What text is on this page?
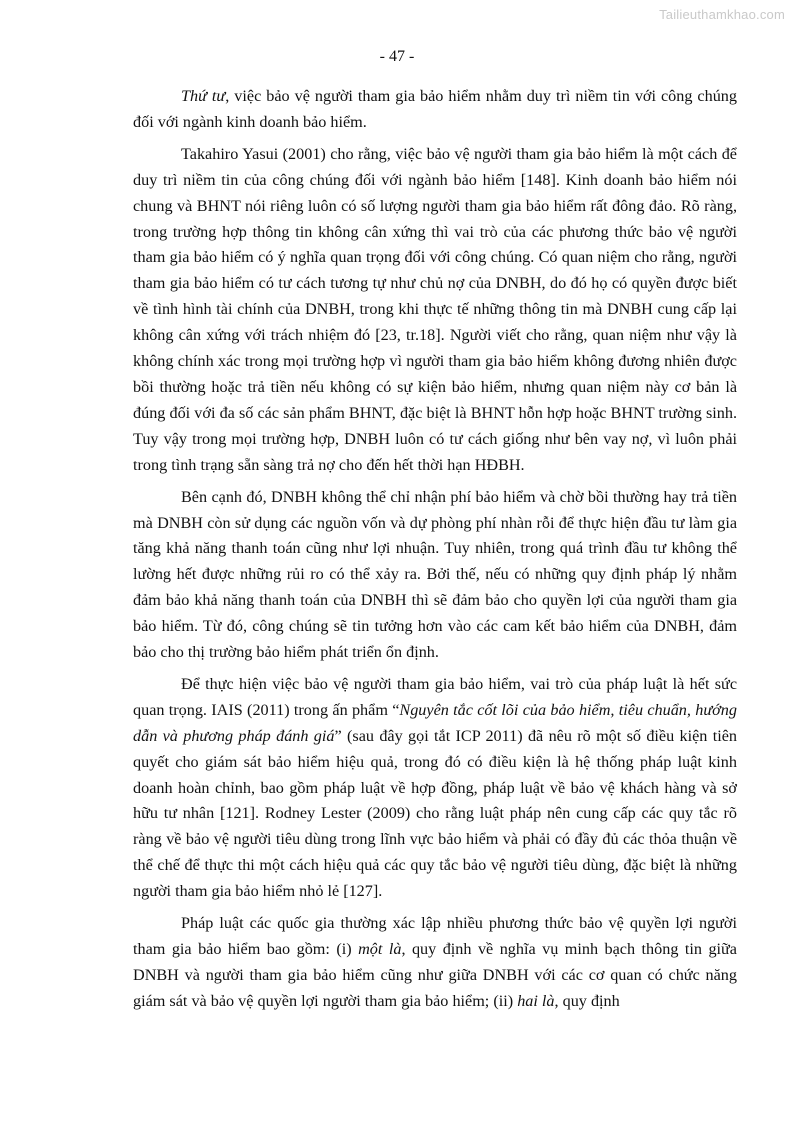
Tailieuthamkhao.com
- 47 -

Thứ tư, việc bảo vệ người tham gia bảo hiểm nhằm duy trì niềm tin với công chúng đối với ngành kinh doanh bảo hiểm.

Takahiro Yasui (2001) cho rằng, việc bảo vệ người tham gia bảo hiểm là một cách để duy trì niềm tin của công chúng đối với ngành bảo hiểm [148]. Kinh doanh bảo hiểm nói chung và BHNT nói riêng luôn có số lượng người tham gia bảo hiểm rất đông đảo. Rõ ràng, trong trường hợp thông tin không cân xứng thì vai trò của các phương thức bảo vệ người tham gia bảo hiểm có ý nghĩa quan trọng đối với công chúng. Có quan niệm cho rằng, người tham gia bảo hiểm có tư cách tương tự như chủ nợ của DNBH, do đó họ có quyền được biết về tình hình tài chính của DNBH, trong khi thực tế những thông tin mà DNBH cung cấp lại không cân xứng với trách nhiệm đó [23, tr.18]. Người viết cho rằng, quan niệm như vậy là không chính xác trong mọi trường hợp vì người tham gia bảo hiểm không đương nhiên được bồi thường hoặc trả tiền nếu không có sự kiện bảo hiểm, nhưng quan niệm này cơ bản là đúng đối với đa số các sản phẩm BHNT, đặc biệt là BHNT hỗn hợp hoặc BHNT trường sinh. Tuy vậy trong mọi trường hợp, DNBH luôn có tư cách giống như bên vay nợ, vì luôn phải trong tình trạng sẵn sàng trả nợ cho đến hết thời hạn HĐBH.

Bên cạnh đó, DNBH không thể chỉ nhận phí bảo hiểm và chờ bồi thường hay trả tiền mà DNBH còn sử dụng các nguồn vốn và dự phòng phí nhàn rỗi để thực hiện đầu tư làm gia tăng khả năng thanh toán cũng như lợi nhuận. Tuy nhiên, trong quá trình đầu tư không thể lường hết được những rủi ro có thể xảy ra. Bởi thế, nếu có những quy định pháp lý nhằm đảm bảo khả năng thanh toán của DNBH thì sẽ đảm bảo cho quyền lợi của người tham gia bảo hiểm. Từ đó, công chúng sẽ tin tưởng hơn vào các cam kết bảo hiểm của DNBH, đảm bảo cho thị trường bảo hiểm phát triển ổn định.

Để thực hiện việc bảo vệ người tham gia bảo hiểm, vai trò của pháp luật là hết sức quan trọng. IAIS (2011) trong ấn phẩm “Nguyên tắc cốt lõi của bảo hiểm, tiêu chuẩn, hướng dẫn và phương pháp đánh giá” (sau đây gọi tắt ICP 2011) đã nêu rõ một số điều kiện tiên quyết cho giám sát bảo hiểm hiệu quả, trong đó có điều kiện là hệ thống pháp luật kinh doanh hoàn chỉnh, bao gồm pháp luật về hợp đồng, pháp luật về bảo vệ khách hàng và sở hữu tư nhân [121]. Rodney Lester (2009) cho rằng luật pháp nên cung cấp các quy tắc rõ ràng về bảo vệ người tiêu dùng trong lĩnh vực bảo hiểm và phải có đầy đủ các thỏa thuận về thể chế để thực thi một cách hiệu quả các quy tắc bảo vệ người tiêu dùng, đặc biệt là những người tham gia bảo hiểm nhỏ lẻ [127].

Pháp luật các quốc gia thường xác lập nhiều phương thức bảo vệ quyền lợi người tham gia bảo hiểm bao gồm: (i) một là, quy định về nghĩa vụ minh bạch thông tin giữa DNBH và người tham gia bảo hiểm cũng như giữa DNBH với các cơ quan có chức năng giám sát và bảo vệ quyền lợi người tham gia bảo hiểm; (ii) hai là, quy định
